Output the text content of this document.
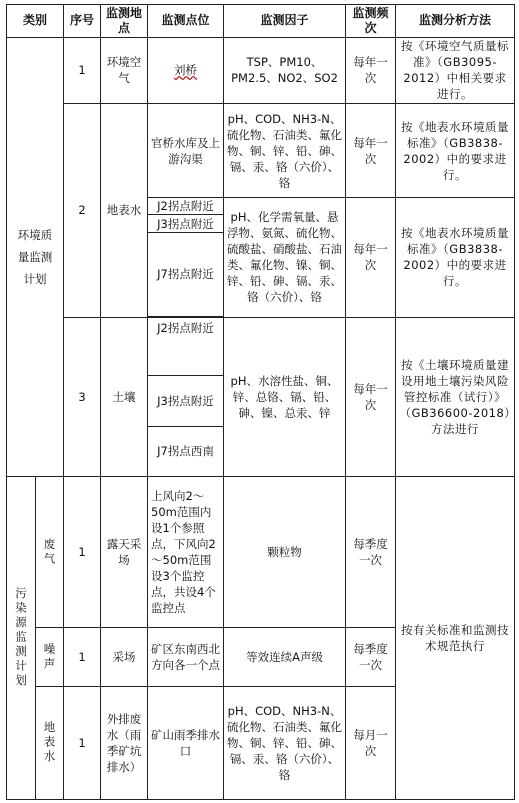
类别		序号	监测地点	监测点位	监测因子	监测频次	监测分析方法
环境质量监测计划		1	环境空气	刘桥	TSP、PM10、PM2.5、NO2、SO2	每年一次	按《环境空气质量标准》（GB3095-2012）中相关要求进行。
		2	地表水	官桥水库及上游沟渠	pH、COD、NH3-N、硫化物、石油类、氟化物、铜、锌、铅、砷、镉、汞、铬（六价）、铬	每年一次	按《地表水环境质量标准》（GB3838-2002）中的要求进行。
				J2拐点附近	pH、化学需氧量、悬浮物、氨氮、硫化物、硫酸盐、硝酸盐、石油类、氟化物、镍、铜、锌、铅、砷、镉、汞、铬（六价）、铬	每年一次	按《地表水环境质量标准》（GB3838-2002）中的要求进行。
				J3拐点附近			
				J7拐点附近			

		3	土壤	J2拐点附近	pH、水溶性盐、铜、锌、总铬、镉、铅、砷、镍、总汞、锌	每年一次	按《土壤环境质量建设用地土壤污染风险管控标准（试行）》（GB36600-2018）方法进行
				J3拐点附近			
				J7拐点西南			
污染源监测计划	废气	1	露天采场	上风向2～50m范围内设1个参照点，下风向2～50m范围设3个监控点，共设4个监控点	颗粒物	每季度一次	按有关标准和监测技术规范执行
	噪声	1	采场	矿区东南西北方向各一个点	等效连续A声级	每季度一次	
	地表水	1	外排废水（雨季矿坑排水）	矿山雨季排水口	pH、COD、NH3-N、硫化物、石油类、氟化物、铜、锌、铅、砷、镉、汞、铬（六价）、铬	每月一次	
